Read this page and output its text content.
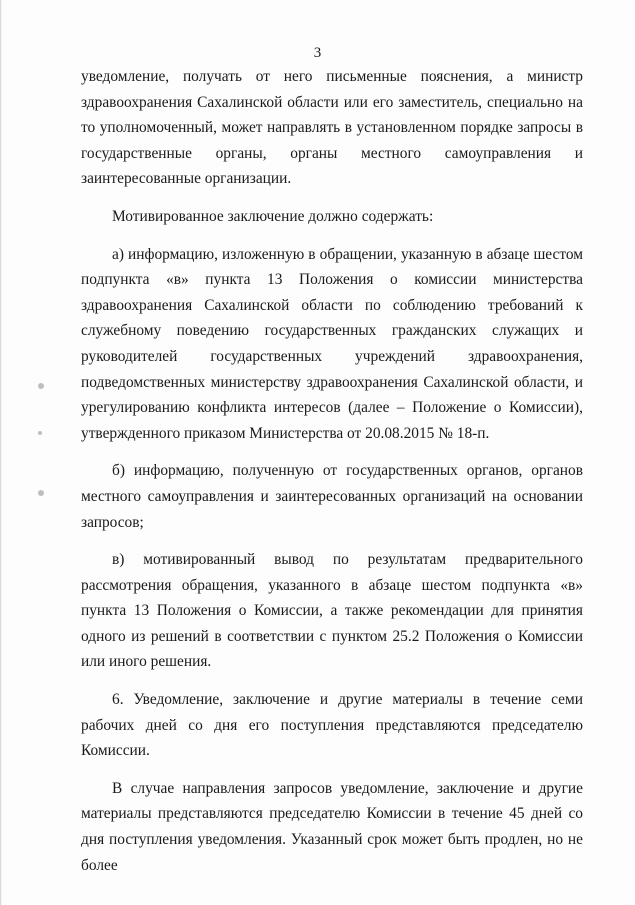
3

уведомление, получать от него письменные пояснения, а министр здравоохранения Сахалинской области или его заместитель, специально на то уполномоченный, может направлять в установленном порядке запросы в государственные органы, органы местного самоуправления и заинтересованные организации.

Мотивированное заключение должно содержать:

а) информацию, изложенную в обращении, указанную в абзаце шестом подпункта «в» пункта 13 Положения о комиссии министерства здравоохранения Сахалинской области по соблюдению требований к служебному поведению государственных гражданских служащих и руководителей государственных учреждений здравоохранения, подведомственных министерству здравоохранения Сахалинской области, и урегулированию конфликта интересов (далее – Положение о Комиссии), утвержденного приказом Министерства от 20.08.2015 № 18-п.

б) информацию, полученную от государственных органов, органов местного самоуправления и заинтересованных организаций на основании запросов;

в) мотивированный вывод по результатам предварительного рассмотрения обращения, указанного в абзаце шестом подпункта «в» пункта 13 Положения о Комиссии, а также рекомендации для принятия одного из решений в соответствии с пунктом 25.2 Положения о Комиссии или иного решения.

6. Уведомление, заключение и другие материалы в течение семи рабочих дней со дня его поступления представляются председателю Комиссии.

В случае направления запросов уведомление, заключение и другие материалы представляются председателю Комиссии в течение 45 дней со дня поступления уведомления. Указанный срок может быть продлен, но не более
